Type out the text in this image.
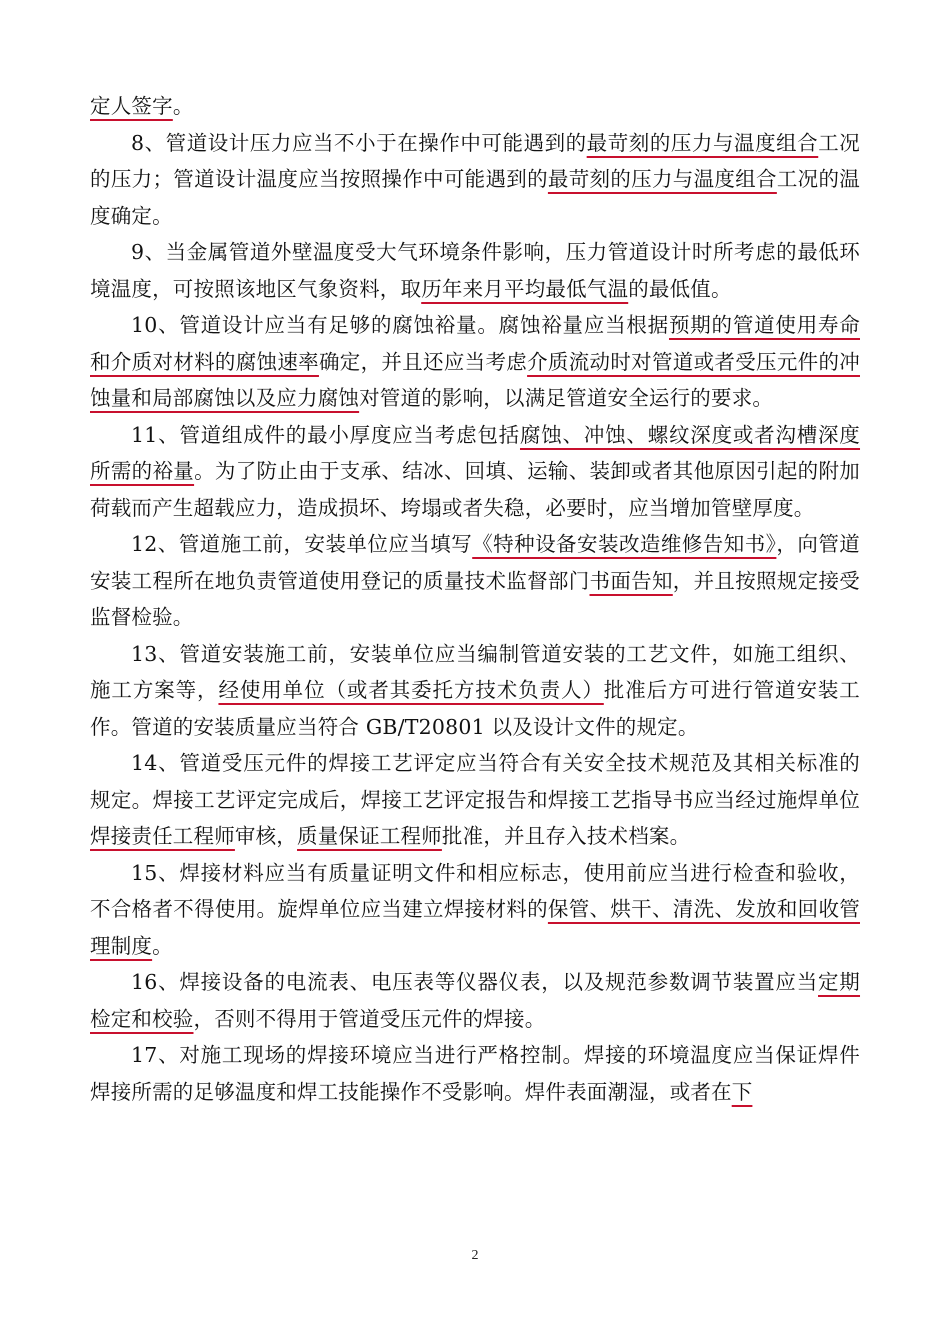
定人签字。

8、管道设计压力应当不小于在操作中可能遇到的最苛刻的压力与温度组合工况的压力；管道设计温度应当按照操作中可能遇到的最苛刻的压力与温度组合工况的温度确定。

9、当金属管道外壁温度受大气环境条件影响，压力管道设计时所考虑的最低环境温度，可按照该地区气象资料，取历年来月平均最低气温的最低值。

10、管道设计应当有足够的腐蚀裕量。腐蚀裕量应当根据预期的管道使用寿命和介质对材料的腐蚀速率确定，并且还应当考虑介质流动时对管道或者受压元件的冲蚀量和局部腐蚀以及应力腐蚀对管道的影响，以满足管道安全运行的要求。

11、管道组成件的最小厚度应当考虑包括腐蚀、冲蚀、螺纹深度或者沟槽深度所需的裕量。为了防止由于支承、结冰、回填、运输、装卸或者其他原因引起的附加荷载而产生超载应力，造成损坏、垮塌或者失稳，必要时，应当增加管壁厚度。

12、管道施工前，安装单位应当填写《特种设备安装改造维修告知书》，向管道安装工程所在地负责管道使用登记的质量技术监督部门书面告知，并且按照规定接受监督检验。

13、管道安装施工前，安装单位应当编制管道安装的工艺文件，如施工组织、施工方案等，经使用单位（或者其委托方技术负责人）批准后方可进行管道安装工作。管道的安装质量应当符合 GB/T20801 以及设计文件的规定。

14、管道受压元件的焊接工艺评定应当符合有关安全技术规范及其相关标准的规定。焊接工艺评定完成后，焊接工艺评定报告和焊接工艺指导书应当经过施焊单位焊接责任工程师审核，质量保证工程师批准，并且存入技术档案。

15、焊接材料应当有质量证明文件和相应标志，使用前应当进行检查和验收，不合格者不得使用。旋焊单位应当建立焊接材料的保管、烘干、清洗、发放和回收管理制度。

16、焊接设备的电流表、电压表等仪器仪表，以及规范参数调节装置应当定期检定和校验，否则不得用于管道受压元件的焊接。

17、对施工现场的焊接环境应当进行严格控制。焊接的环境温度应当保证焊件焊接所需的足够温度和焊工技能操作不受影响。焊件表面潮湿，或者在下

2
